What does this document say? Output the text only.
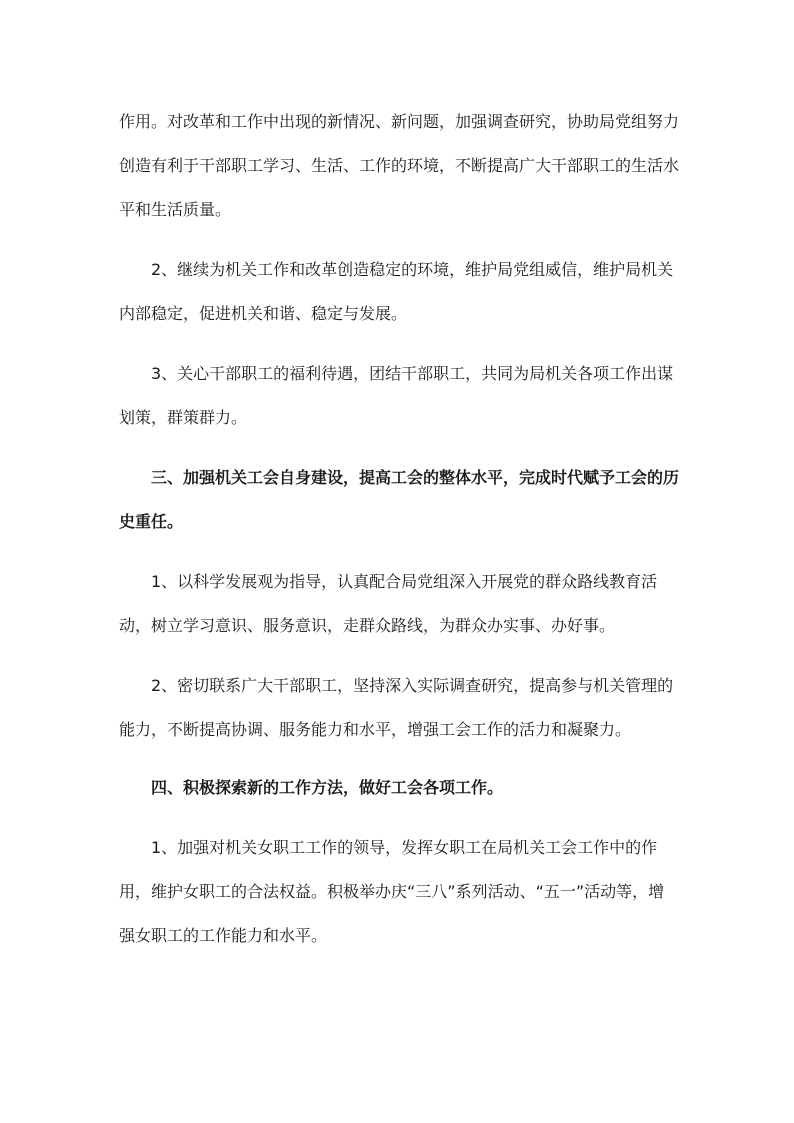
作用。对改革和工作中出现的新情况、新问题，加强调查研究，协助局党组努力创造有利于干部职工学习、生活、工作的环境，不断提高广大干部职工的生活水平和生活质量。

2、继续为机关工作和改革创造稳定的环境，维护局党组威信，维护局机关内部稳定，促进机关和谐、稳定与发展。

3、关心干部职工的福利待遇，团结干部职工，共同为局机关各项工作出谋划策，群策群力。

三、加强机关工会自身建设，提高工会的整体水平，完成时代赋予工会的历史重任。

1、以科学发展观为指导，认真配合局党组深入开展党的群众路线教育活动，树立学习意识、服务意识，走群众路线，为群众办实事、办好事。

2、密切联系广大干部职工，坚持深入实际调查研究，提高参与机关管理的能力，不断提高协调、服务能力和水平，增强工会工作的活力和凝聚力。

四、积极探索新的工作方法，做好工会各项工作。

1、加强对机关女职工工作的领导，发挥女职工在局机关工会工作中的作用，维护女职工的合法权益。积极举办庆“三八”系列活动、“五一”活动等，增强女职工的工作能力和水平。
